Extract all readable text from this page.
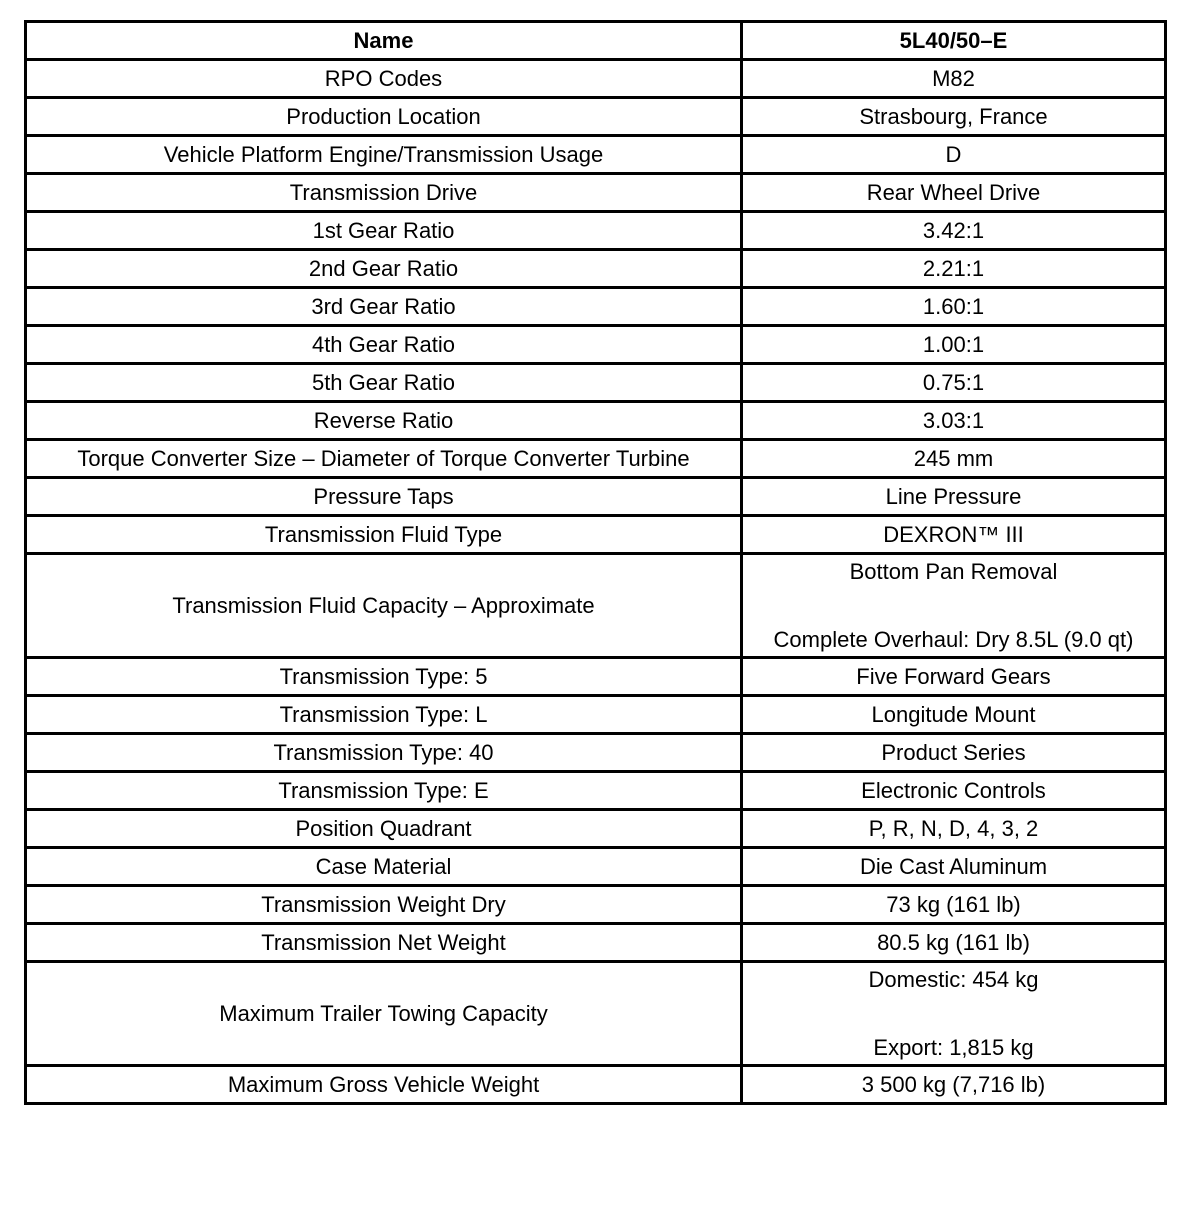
Name	5L40/50–E
RPO Codes	M82
Production Location	Strasbourg, France
Vehicle Platform Engine/Transmission Usage	D
Transmission Drive	Rear Wheel Drive
1st Gear Ratio	3.42:1
2nd Gear Ratio	2.21:1
3rd Gear Ratio	1.60:1
4th Gear Ratio	1.00:1
5th Gear Ratio	0.75:1
Reverse Ratio	3.03:1
Torque Converter Size – Diameter of Torque Converter Turbine	245 mm
Pressure Taps	Line Pressure
Transmission Fluid Type	DEXRON™ III
Transmission Fluid Capacity – Approximate	Bottom Pan Removal
Complete Overhaul: Dry 8.5L (9.0 qt)

Transmission Type: 5	Five Forward Gears
Transmission Type: L	Longitude Mount
Transmission Type: 40	Product Series
Transmission Type: E	Electronic Controls
Position Quadrant	P, R, N, D, 4, 3, 2
Case Material	Die Cast Aluminum
Transmission Weight Dry	73 kg (161 lb)
Transmission Net Weight	80.5 kg (161 lb)
Maximum Trailer Towing Capacity	Domestic: 454 kg
Export: 1,815 kg

Maximum Gross Vehicle Weight	3 500 kg (7,716 lb)
